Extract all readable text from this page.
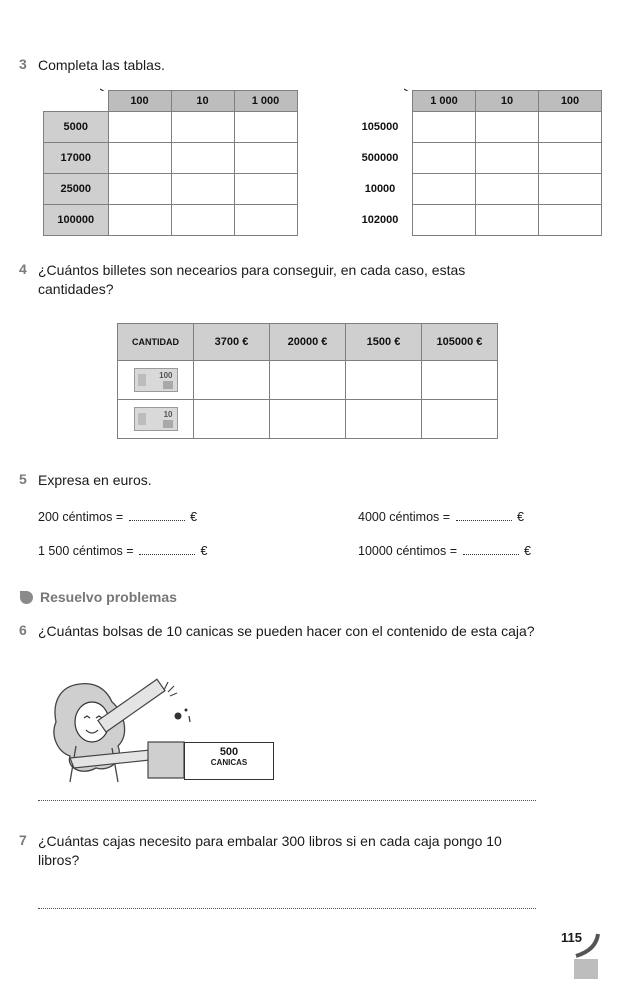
3 Completa las tablas.
	100	10	1 000
5000			
17000			
25000			
100000			
	1 000	10	100
105000			
500000			
10000			
102000			
4 ¿Cuántos billetes son necearios para conseguir, en cada caso, estas cantidades?
CANTIDAD	3700 €	20000 €	1500 €	105000 €

100				

10				

5 Expresa en euros.
200 céntimos =	€	4000 céntimos =	€
1 500 céntimos =	€	10000 céntimos =	€
Resuelvo problemas
6 ¿Cuántas bolsas de 10 canicas se pueden hacer con el contenido de esta caja?
500
CANICAS
7 ¿Cuántas cajas necesito para embalar 300 libros si en cada caja pongo 10 libros?
115
